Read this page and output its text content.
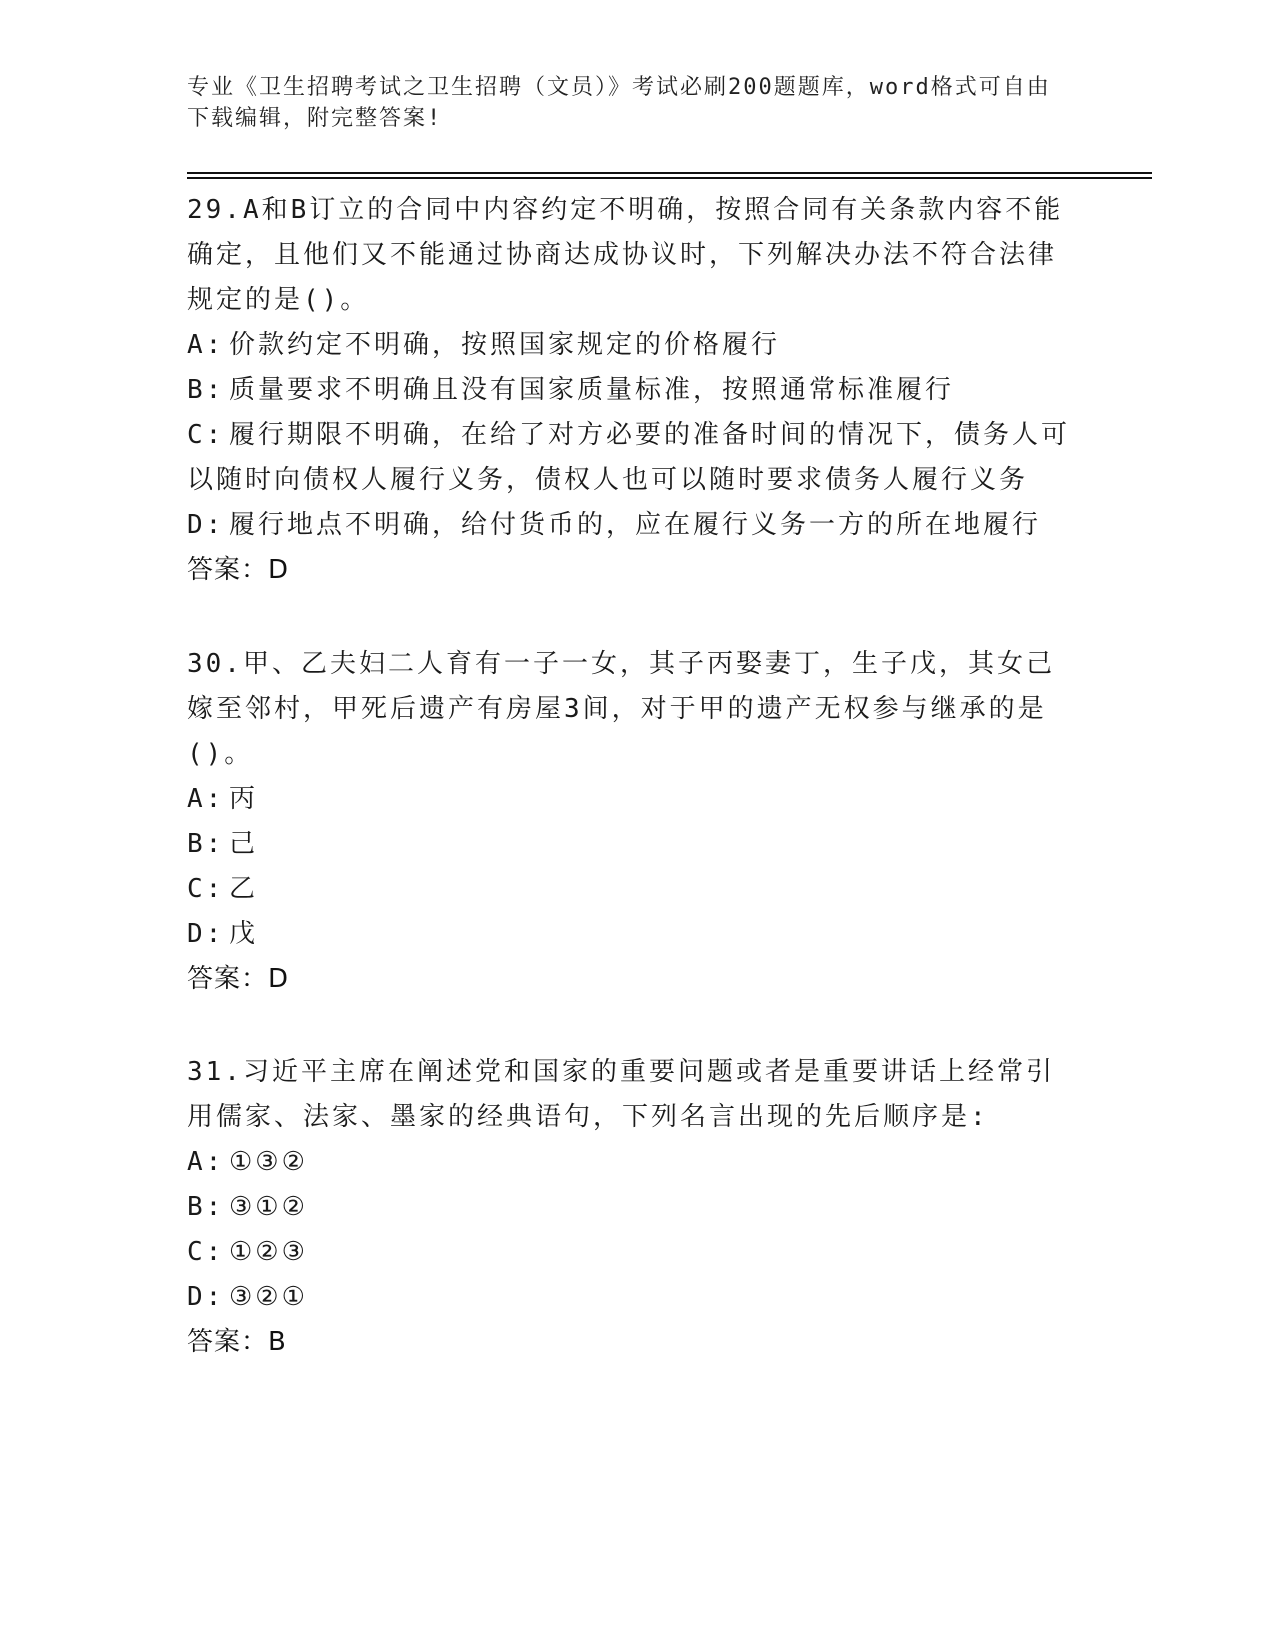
专业《卫生招聘考试之卫生招聘（文员）》考试必刷200题题库，word格式可自由下载编辑，附完整答案!

29.A和B订立的合同中内容约定不明确，按照合同有关条款内容不能确定，且他们又不能通过协商达成协议时，下列解决办法不符合法律规定的是()。

A: 价款约定不明确，按照国家规定的价格履行

B: 质量要求不明确且没有国家质量标准，按照通常标准履行

C: 履行期限不明确，在给了对方必要的准备时间的情况下，债务人可以随时向债权人履行义务，债权人也可以随时要求债务人履行义务

D: 履行地点不明确，给付货币的，应在履行义务一方的所在地履行

答案：D

30.甲、乙夫妇二人育有一子一女，其子丙娶妻丁，生子戊，其女己嫁至邻村，甲死后遗产有房屋3间，对于甲的遗产无权参与继承的是()。

A: 丙

B: 己

C: 乙

D: 戊

答案：D

31.习近平主席在阐述党和国家的重要问题或者是重要讲话上经常引用儒家、法家、墨家的经典语句，下列名言出现的先后顺序是:

A: ①③②

B: ③①②

C: ①②③

D: ③②①

答案：B
